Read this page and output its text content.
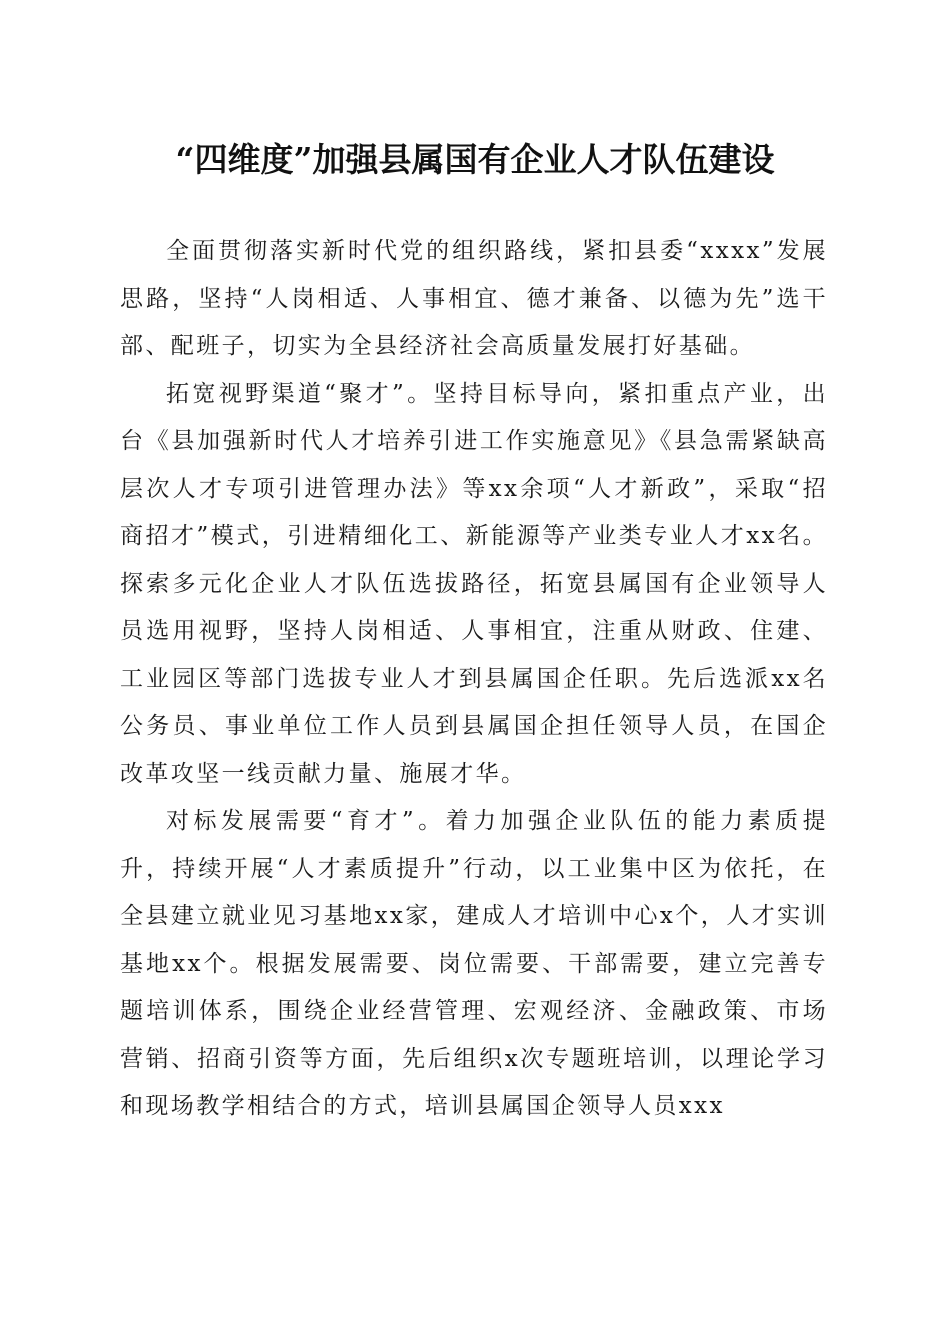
“四维度”加强县属国有企业人才队伍建设

全面贯彻落实新时代党的组织路线，紧扣县委“xxxx”发展思路，坚持“人岗相适、人事相宜、德才兼备、以德为先”选干部、配班子，切实为全县经济社会高质量发展打好基础。

拓宽视野渠道“聚才”。坚持目标导向，紧扣重点产业，出台《县加强新时代人才培养引进工作实施意见》《县急需紧缺高层次人才专项引进管理办法》等xx余项“人才新政”，采取“招商招才”模式，引进精细化工、新能源等产业类专业人才xx名。探索多元化企业人才队伍选拔路径，拓宽县属国有企业领导人员选用视野，坚持人岗相适、人事相宜，注重从财政、住建、工业园区等部门选拔专业人才到县属国企任职。先后选派xx名公务员、事业单位工作人员到县属国企担任领导人员，在国企改革攻坚一线贡献力量、施展才华。

对标发展需要“育才”。着力加强企业队伍的能力素质提升，持续开展“人才素质提升”行动，以工业集中区为依托，在全县建立就业见习基地xx家，建成人才培训中心x个，人才实训基地xx个。根据发展需要、岗位需要、干部需要，建立完善专题培训体系，围绕企业经营管理、宏观经济、金融政策、市场营销、招商引资等方面，先后组织x次专题班培训，以理论学习和现场教学相结合的方式，培训县属国企领导人员xxx
